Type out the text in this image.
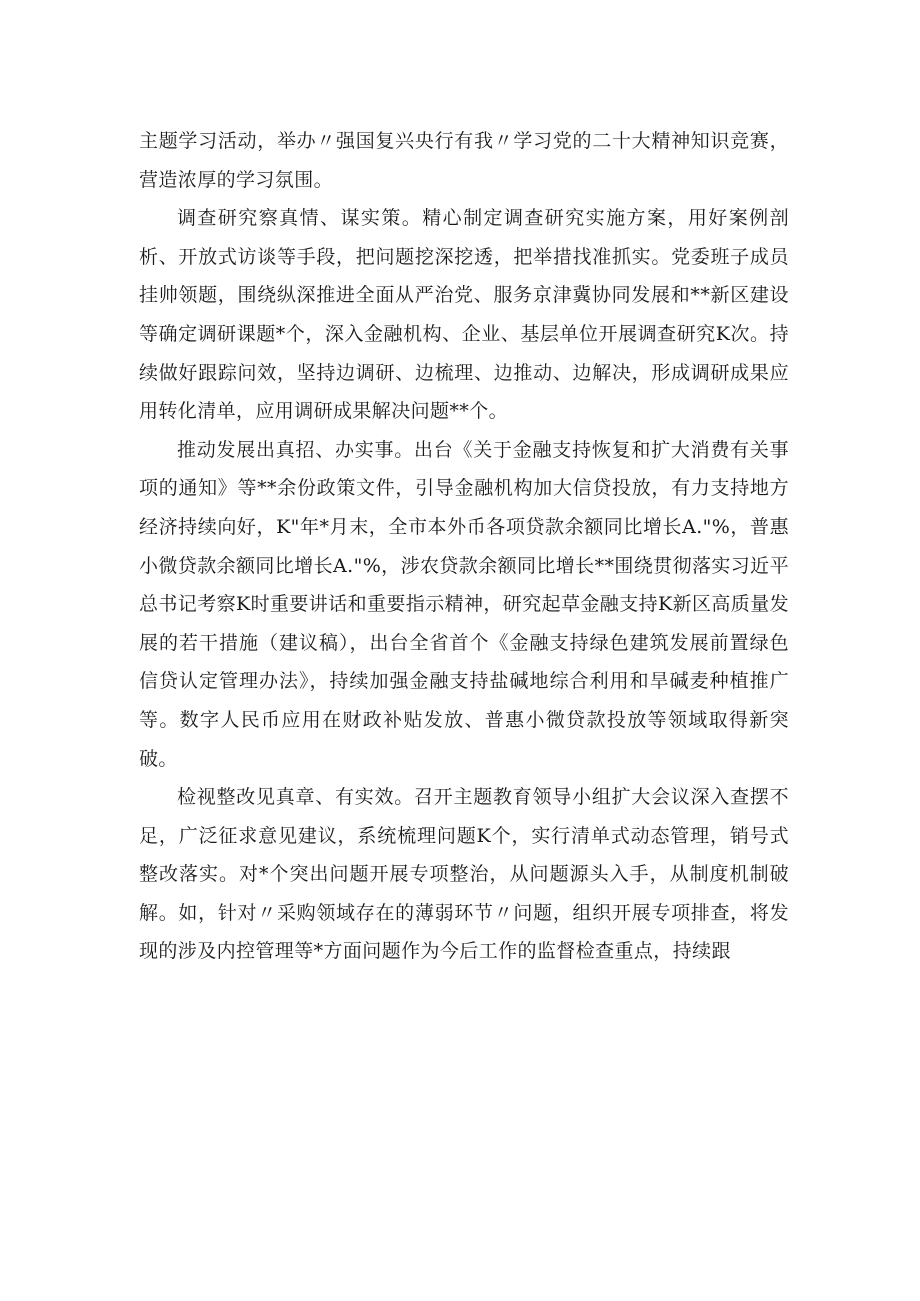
主题学习活动，举办〃强国复兴央行有我〃学习党的二十大精神知识竞赛，营造浓厚的学习氛围。

调查研究察真情、谋实策。精心制定调查研究实施方案，用好案例剖析、开放式访谈等手段，把问题挖深挖透，把举措找准抓实。党委班子成员挂帅领题，围绕纵深推进全面从严治党、服务京津冀协同发展和**新区建设等确定调研课题*个，深入金融机构、企业、基层单位开展调查研究K次。持续做好跟踪问效，坚持边调研、边梳理、边推动、边解决，形成调研成果应用转化清单，应用调研成果解决问题**个。

推动发展出真招、办实事。出台《关于金融支持恢复和扩大消费有关事项的通知》等**余份政策文件，引导金融机构加大信贷投放，有力支持地方经济持续向好，K"年*月末，全市本外币各项贷款余额同比增长A."%，普惠小微贷款余额同比增长A."%，涉农贷款余额同比增长**围绕贯彻落实习近平总书记考察K时重要讲话和重要指示精神，研究起草金融支持K新区高质量发展的若干措施（建议稿），出台全省首个《金融支持绿色建筑发展前置绿色信贷认定管理办法》，持续加强金融支持盐碱地综合利用和旱碱麦种植推广等。数字人民币应用在财政补贴发放、普惠小微贷款投放等领域取得新突破。

检视整改见真章、有实效。召开主题教育领导小组扩大会议深入查摆不足，广泛征求意见建议，系统梳理问题K个，实行清单式动态管理，销号式整改落实。对*个突出问题开展专项整治，从问题源头入手，从制度机制破解。如，针对〃采购领域存在的薄弱环节〃问题，组织开展专项排查，将发现的涉及内控管理等*方面问题作为今后工作的监督检查重点，持续跟
